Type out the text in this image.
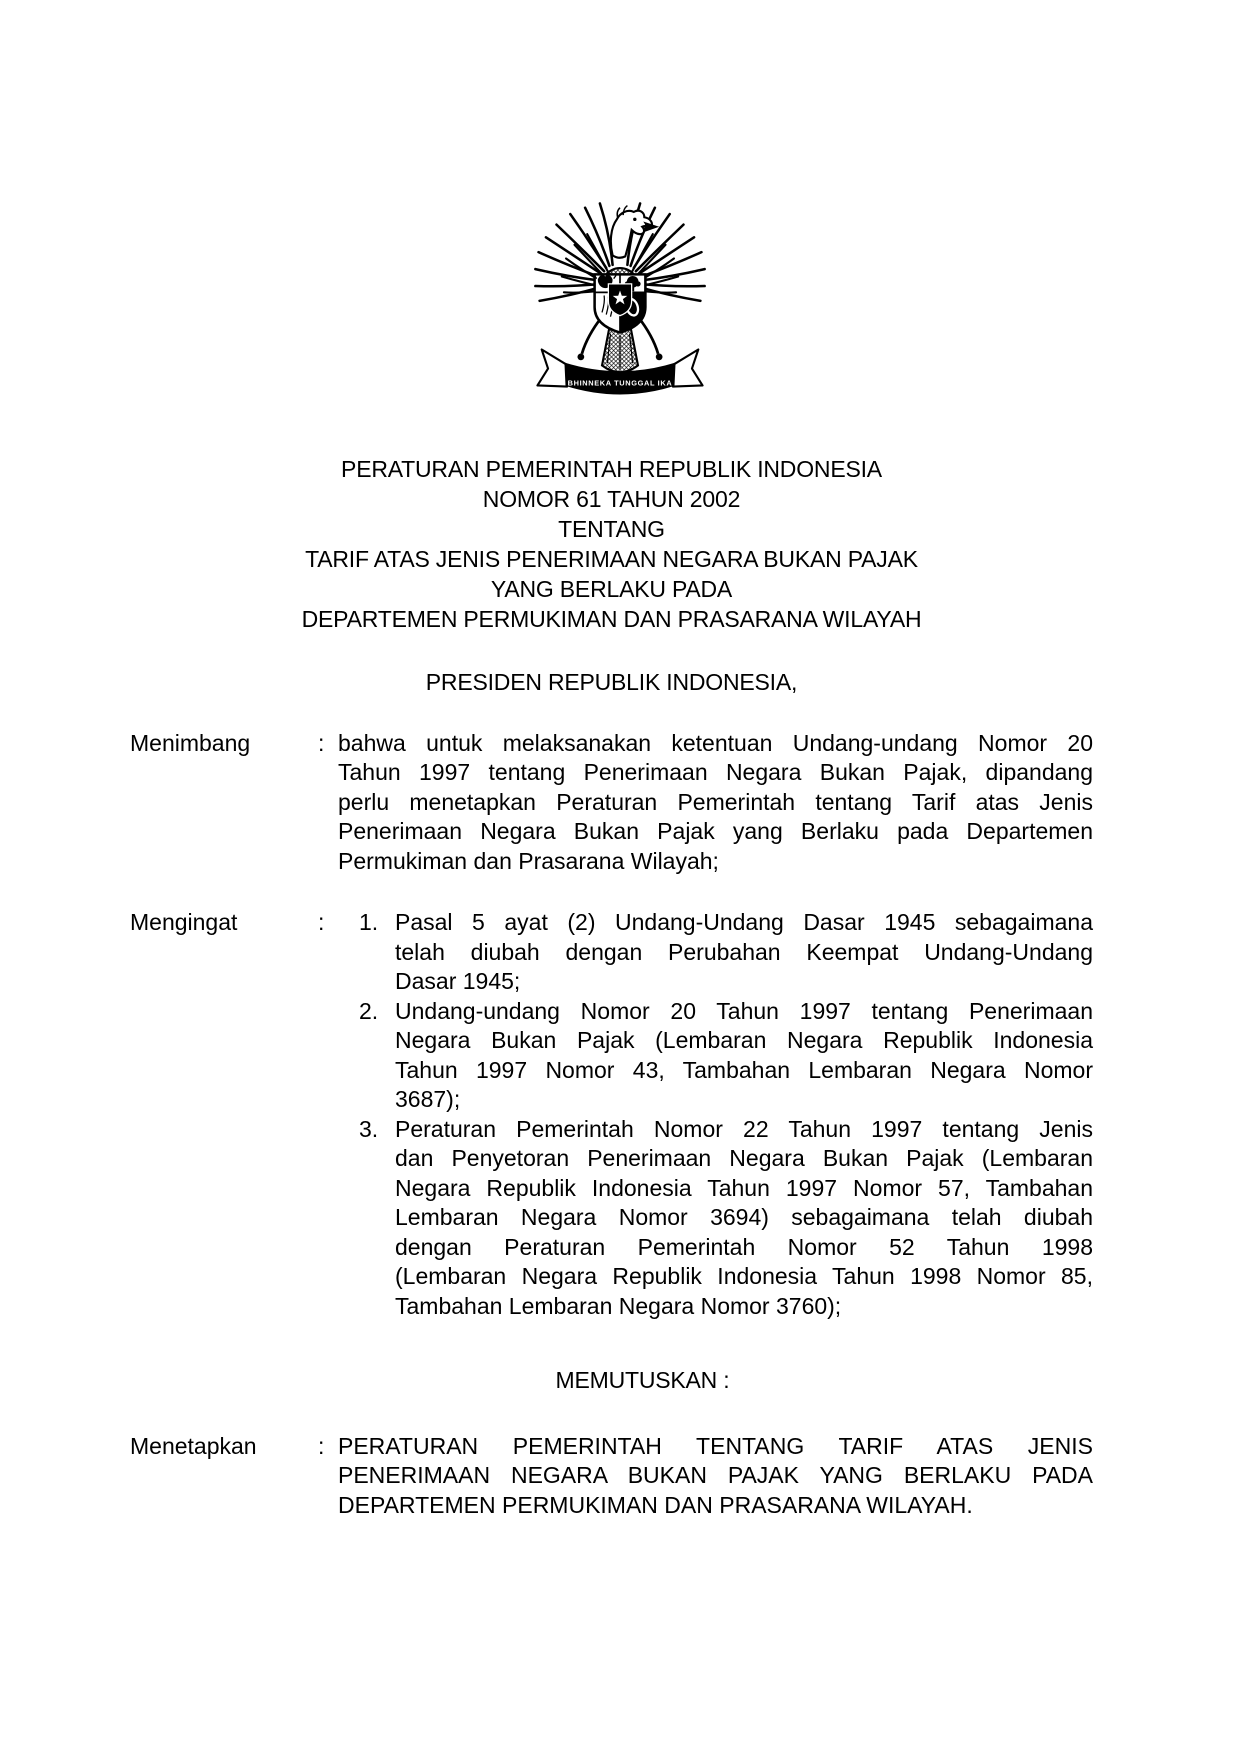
BHINNEKA TUNGGAL IKA
PERATURAN PEMERINTAH REPUBLIK INDONESIA
NOMOR 61 TAHUN 2002
TENTANG
TARIF ATAS JENIS PENERIMAAN NEGARA BUKAN PAJAK
YANG BERLAKU PADA
DEPARTEMEN PERMUKIMAN DAN PRASARANA WILAYAH
PRESIDEN REPUBLIK INDONESIA,
Menimbang	: bahwa untuk melaksanakan ketentuan Undang-undang Nomor 20
Tahun 1997 tentang Penerimaan Negara Bukan Pajak, dipandang
perlu menetapkan Peraturan Pemerintah tentang Tarif atas Jenis
Penerimaan Negara Bukan Pajak yang Berlaku pada Departemen
Permukiman dan Prasarana Wilayah;
Mengingat	:	1. Pasal 5 ayat (2) Undang-Undang Dasar 1945 sebagaimana
telah diubah dengan Perubahan Keempat Undang-Undang
Dasar 1945;
2. Undang-undang Nomor 20 Tahun 1997 tentang Penerimaan
Negara Bukan Pajak (Lembaran Negara Republik Indonesia
Tahun 1997 Nomor 43, Tambahan Lembaran Negara Nomor
3687);
3. Peraturan Pemerintah Nomor 22 Tahun 1997 tentang Jenis
dan Penyetoran Penerimaan Negara Bukan Pajak (Lembaran
Negara Republik Indonesia Tahun 1997 Nomor 57, Tambahan
Lembaran Negara Nomor 3694) sebagaimana telah diubah
dengan Peraturan Pemerintah Nomor 52 Tahun 1998
(Lembaran Negara Republik Indonesia Tahun 1998 Nomor 85,
Tambahan Lembaran Negara Nomor 3760);
MEMUTUSKAN :
Menetapkan	: PERATURAN PEMERINTAH TENTANG TARIF ATAS JENIS
PENERIMAAN NEGARA BUKAN PAJAK YANG BERLAKU PADA
DEPARTEMEN PERMUKIMAN DAN PRASARANA WILAYAH.
